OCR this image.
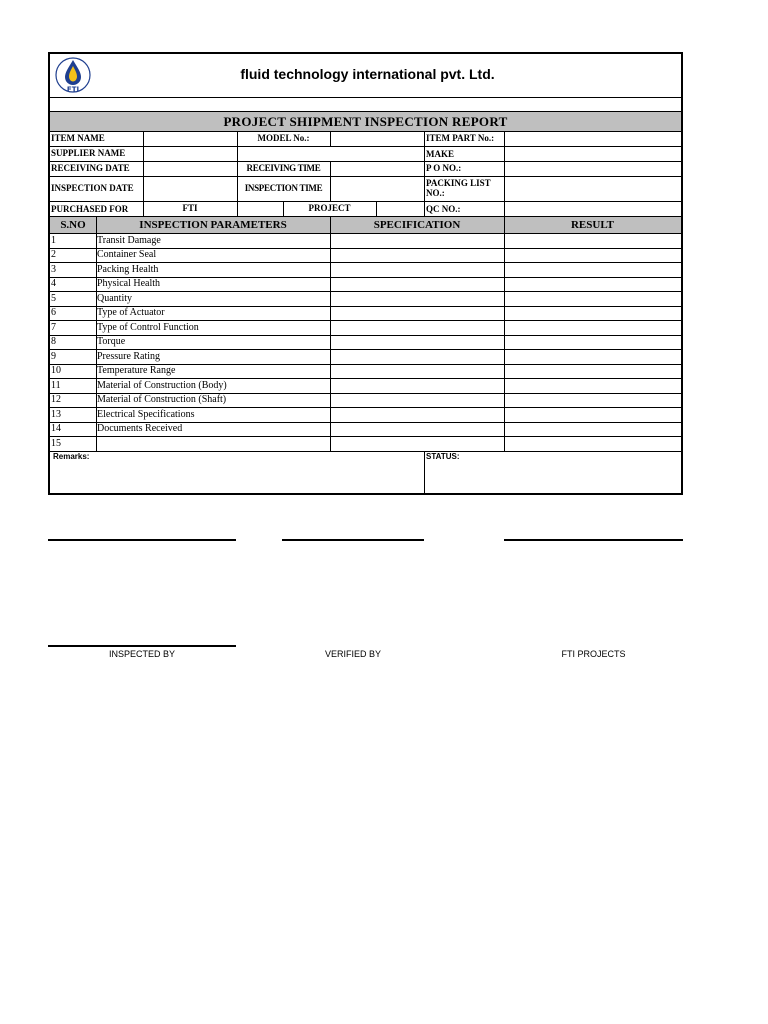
FTI
fluid technology international pvt. Ltd.
PROJECT SHIPMENT INSPECTION REPORT
ITEM NAME	MODEL No.:	ITEM PART No.:
SUPPLIER NAME	MAKE
RECEIVING DATE	RECEIVING TIME	P O NO.:
INSPECTION DATE	INSPECTION TIME	PACKING LIST NO.:
PURCHASED FOR	FTI	PROJECT	QC NO.:
S.NO	INSPECTION PARAMETERS	SPECIFICATION	RESULT
1	Transit Damage
2	Container Seal
3	Packing Health
4	Physical Health
5	Quantity
6	Type of Actuator
7	Type of Control Function
8	Torque
9	Pressure Rating
10	Temperature Range
11	Material of Construction (Body)
12	Material of Construction (Shaft)
13	Electrical Specifications
14	Documents Received
15
Remarks:	STATUS:
INSPECTED BY	VERIFIED BY	FTI PROJECTS
